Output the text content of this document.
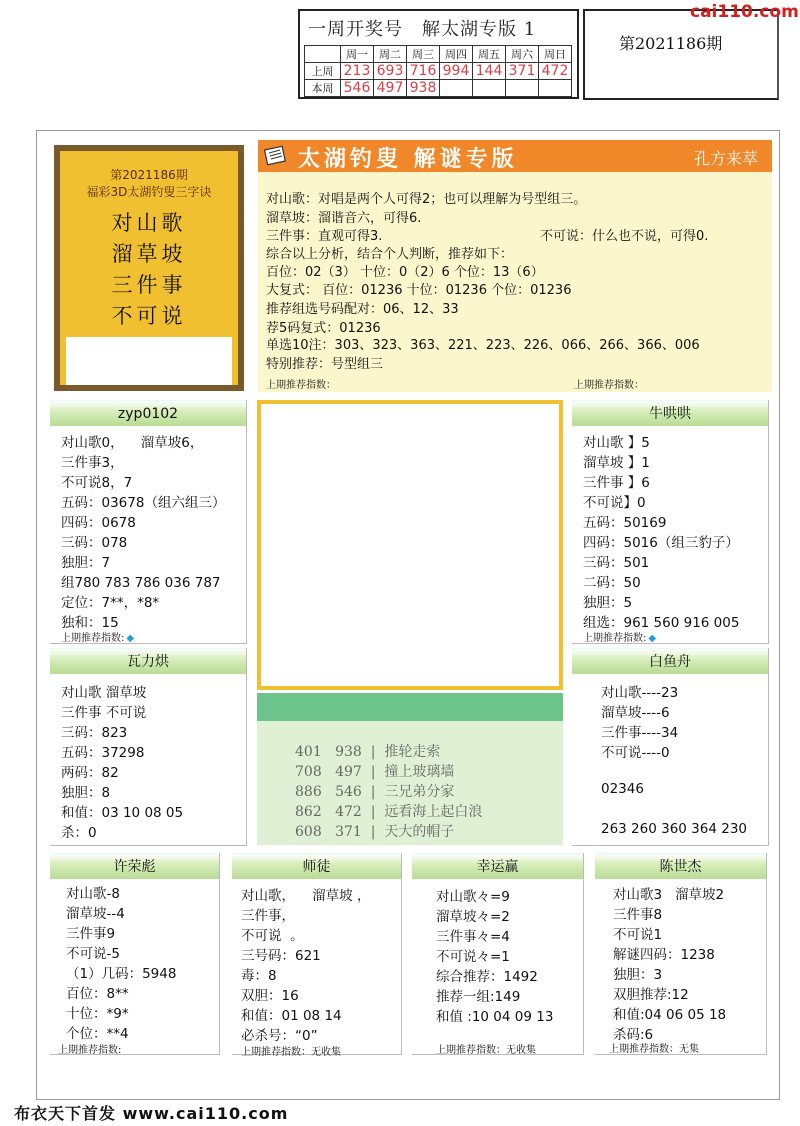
一周开奖号　解太湖专版 1
	周一	周二	周三	周四	周五	周六	周日
上周	213	693	716	994	144	371	472
本周	546	497	938				
第2021186期
cai110.com
第2021186期
福彩3D太湖钓叟三字诀
对山歌
溜草坡
三件事
不可说
太湖钓叟 解谜专版	孔方来萃
对山歌：对唱是两个人可得2；也可以理解为号型组三。
溜草坡：溜谐音六，可得6.
三件事：直观可得3.	不可说：什么也不说，可得0.
综合以上分析，结合个人判断，推荐如下：
百位：02（3） 十位：0（2）6 个位：13（6）
大复式： 百位：01236 十位：01236 个位：01236
推荐组选号码配对：06、12、33
荐5码复式：01236
单选10注：303、323、363、221、223、226、066、266、366、006
特别推荐：号型组三
上期推荐指数：	上期推荐指数：
zyp0102
对山歌0，    溜草坡6，
三件事3，
不可说8，7
五码：03678（组六组三）
四码：0678
三码：078
独胆：7
组780 783 786 036 787
定位：7**，*8*
独和：15
上期推荐指数: ◆
牛哄哄
对山歌 】5
溜草坡 】1
三件事 】6
不可说】0
五码：50169
四码：5016（组三豹子）
三码：501
二码：50
独胆：5
组选：961 560 916 005
上期推荐指数: ◆
401   938  |  推轮走索
708   497  |  撞上玻璃墙
886   546  |  三兄弟分家
862   472  |  远看海上起白浪
608   371  |  天大的帽子
瓦力烘
对山歌 溜草坡
三件事 不可说
三码：823
五码：37298
两码：82
独胆：8
和值：03 10 08 05
杀：0
白鱼舟
对山歌----23
溜草坡----6
三件事----34
不可说----0
02346
263 260 360 364 230
许荣彪
对山歌-8
溜草坡--4
三件事9
不可说-5
（1）几码：5948
百位：8**
十位：*9*
个位：**4
上期推荐指数:
师徒
对山歌，    溜草坡 ，
三件事，
不可说  。
三号码：621
毒：8
双胆：16
和值：01 08 14
必杀号：“0”
上期推荐指数：无收集
幸运赢
对山歌々=9
溜草坡々=2
三件事々=4
不可说々=1
综合推荐：1492
推荐一组:149
和值 :10 04 09 13
上期推荐指数：无收集
陈世杰
对山歌3   溜草坡2
三件事8
不可说1
解谜四码：1238
独胆：3
双胆推荐:12
和值:04 06 05 18
杀码:6
上期推荐指数：无集
布衣天下首发 www.cai110.com
